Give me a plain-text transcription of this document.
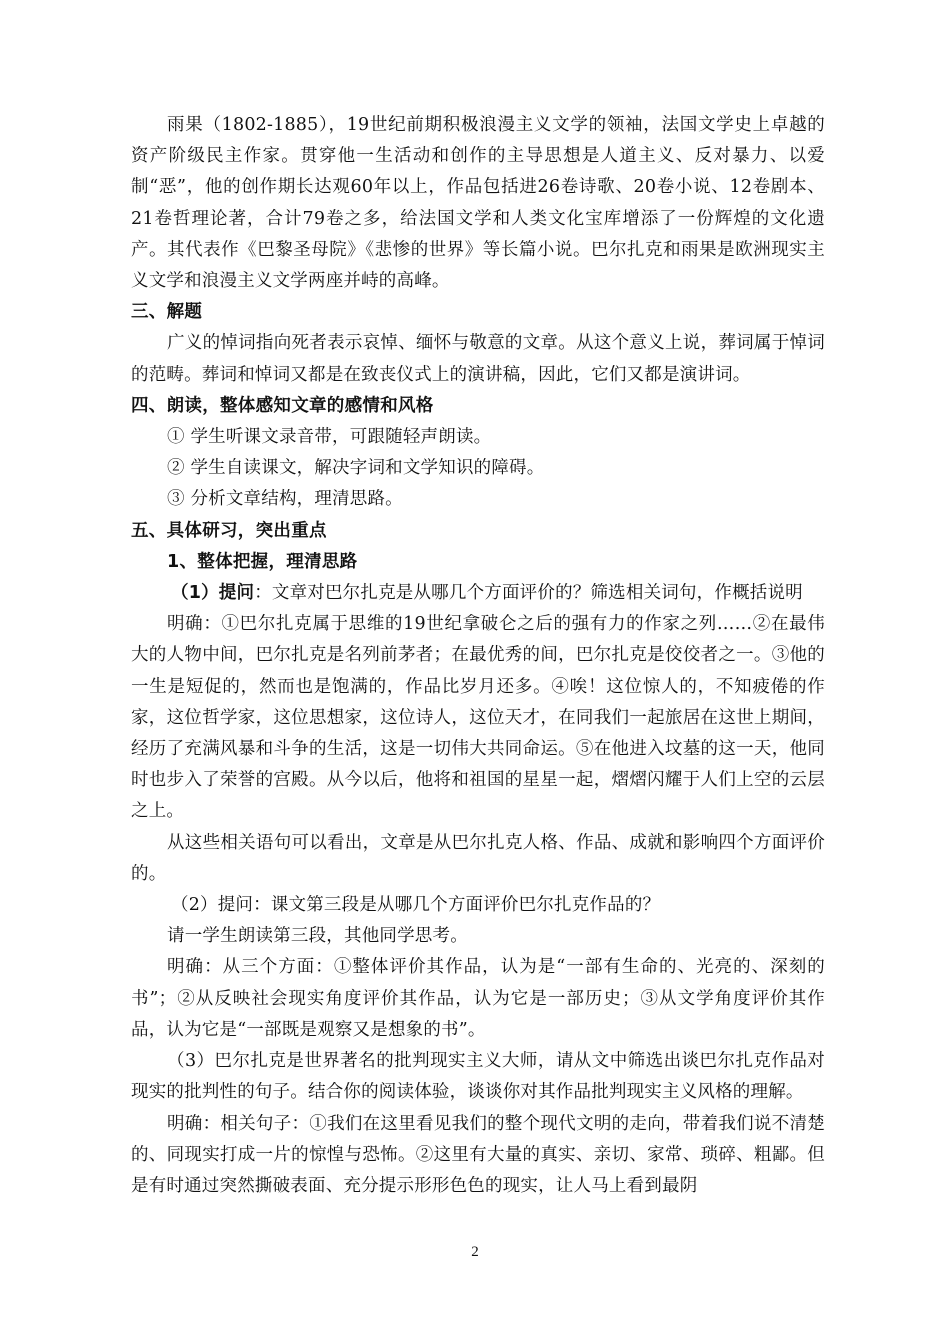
雨果（1802-1885），19世纪前期积极浪漫主义文学的领袖，法国文学史上卓越的资产阶级民主作家。贯穿他一生活动和创作的主导思想是人道主义、反对暴力、以爱制“恶”，他的创作期长达观60年以上，作品包括进26卷诗歌、20卷小说、12卷剧本、21卷哲理论著，合计79卷之多，给法国文学和人类文化宝库增添了一份辉煌的文化遗产。其代表作《巴黎圣母院》《悲惨的世界》等长篇小说。巴尔扎克和雨果是欧洲现实主义文学和浪漫主义文学两座并峙的高峰。

三、解题

广义的悼词指向死者表示哀悼、缅怀与敬意的文章。从这个意义上说，葬词属于悼词的范畴。葬词和悼词又都是在致丧仪式上的演讲稿，因此，它们又都是演讲词。

四、朗读，整体感知文章的感情和风格

① 学生听课文录音带，可跟随轻声朗读。

② 学生自读课文，解决字词和文学知识的障碍。

③ 分析文章结构，理清思路。

五、具体研习，突出重点

1、整体把握，理清思路

（1）提问：文章对巴尔扎克是从哪几个方面评价的？筛选相关词句，作概括说明

明确：①巴尔扎克属于思维的19世纪拿破仑之后的强有力的作家之列……②在最伟大的人物中间，巴尔扎克是名列前茅者；在最优秀的间，巴尔扎克是佼佼者之一。③他的一生是短促的，然而也是饱满的，作品比岁月还多。④唉！这位惊人的，不知疲倦的作家，这位哲学家，这位思想家，这位诗人，这位天才，在同我们一起旅居在这世上期间，经历了充满风暴和斗争的生活，这是一切伟大共同命运。⑤在他进入坟墓的这一天，他同时也步入了荣誉的宫殿。从今以后，他将和祖国的星星一起，熠熠闪耀于人们上空的云层之上。

从这些相关语句可以看出，文章是从巴尔扎克人格、作品、成就和影响四个方面评价的。

（2）提问：课文第三段是从哪几个方面评价巴尔扎克作品的？

请一学生朗读第三段，其他同学思考。

明确：从三个方面：①整体评价其作品，认为是“一部有生命的、光亮的、深刻的书”；②从反映社会现实角度评价其作品，认为它是一部历史；③从文学角度评价其作品，认为它是“一部既是观察又是想象的书”。

（3）巴尔扎克是世界著名的批判现实主义大师，请从文中筛选出谈巴尔扎克作品对现实的批判性的句子。结合你的阅读体验，谈谈你对其作品批判现实主义风格的理解。

明确：相关句子：①我们在这里看见我们的整个现代文明的走向，带着我们说不清楚的、同现实打成一片的惊惶与恐怖。②这里有大量的真实、亲切、家常、琐碎、粗鄙。但是有时通过突然撕破表面、充分提示形形色色的现实，让人马上看到最阴

2
